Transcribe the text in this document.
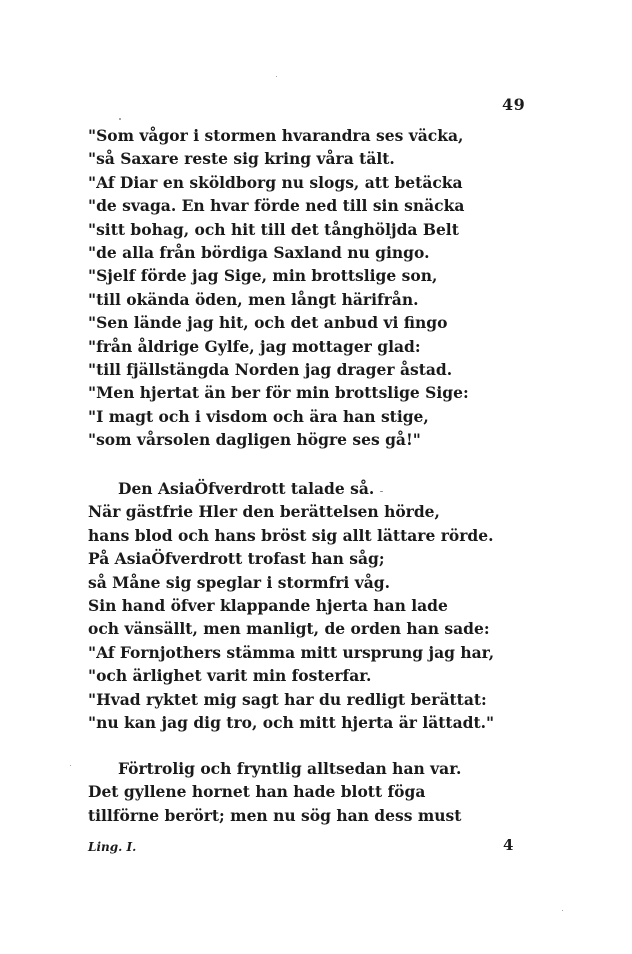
49
"Som vågor i stormen hvarandra ses väcka,
"så Saxare reste sig kring våra tält.
"Af Diar en sköldborg nu slogs, att betäcka
"de svaga. En hvar förde ned till sin snäcka
"sitt bohag, och hit till det tånghöljda Belt
"de alla från bördiga Saxland nu gingo.
"Sjelf förde jag Sige, min brottslige son,
"till okända öden, men långt härifrån.
"Sen lände jag hit, och det anbud vi fingo
"från åldrige Gylfe, jag mottager glad:
"till fjällstängda Norden jag drager åstad.
"Men hjertat än ber för min brottslige Sige:
"I magt och i visdom och ära han stige,
"som vårsolen dagligen högre ses gå!"
Den AsiaÖfverdrott talade så.
När gästfrie Hler den berättelsen hörde,
hans blod och hans bröst sig allt lättare rörde.
På AsiaÖfverdrott trofast han såg;
så Måne sig speglar i stormfri våg.
Sin hand öfver klappande hjerta han lade
och vänsällt, men manligt, de orden han sade:
"Af Fornjothers stämma mitt ursprung jag har,
"och ärlighet varit min fosterfar.
"Hvad ryktet mig sagt har du redligt berättat:
"nu kan jag dig tro, och mitt hjerta är lättadt."
Förtrolig och fryntlig alltsedan han var.
Det gyllene hornet han hade blott föga
tillförne berört; men nu sög han dess must
Ling. I.	4
